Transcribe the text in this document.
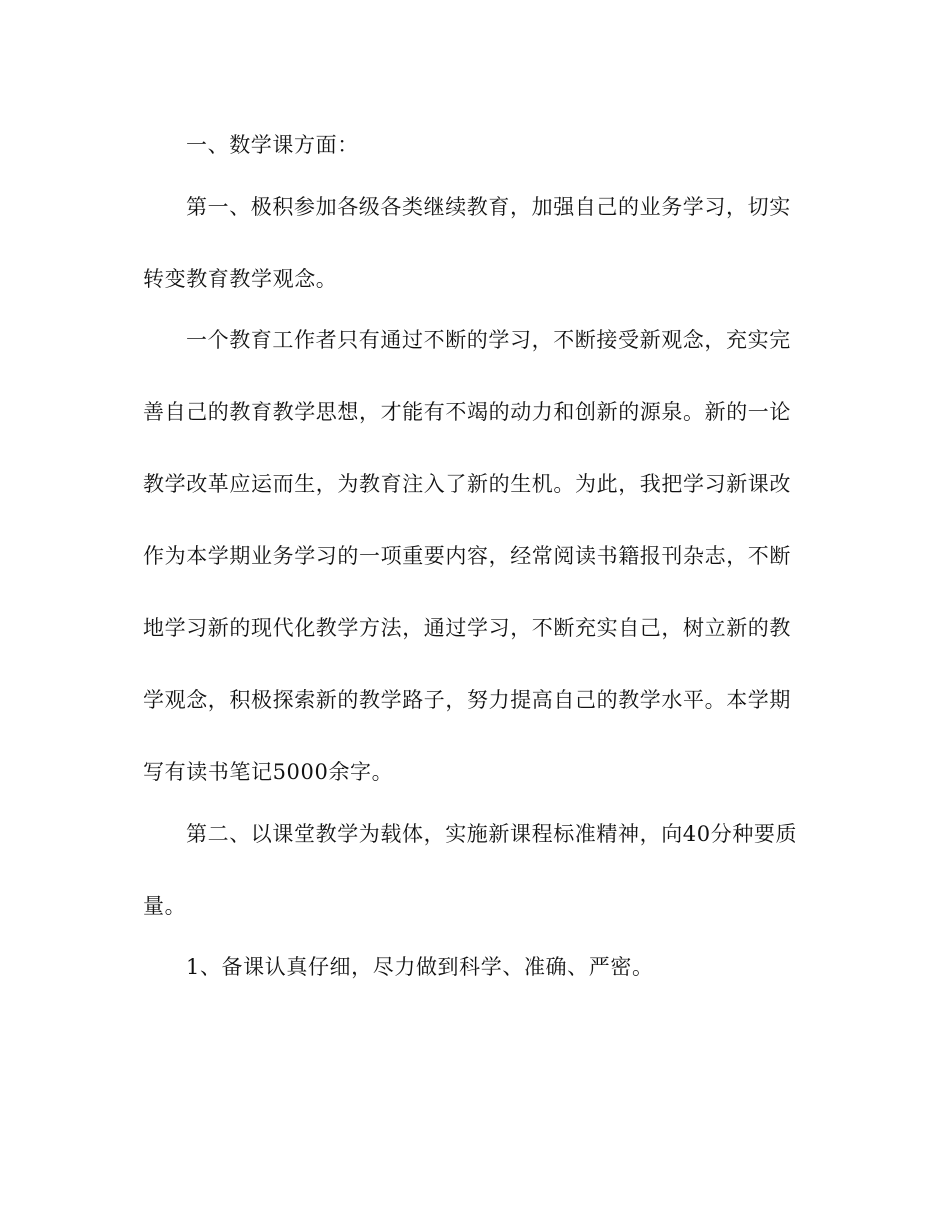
一、数学课方面：
第一、极积参加各级各类继续教育，加强自己的业务学习，切实
转变教育教学观念。
一个教育工作者只有通过不断的学习，不断接受新观念，充实完
善自己的教育教学思想，才能有不竭的动力和创新的源泉。新的一论
教学改革应运而生，为教育注入了新的生机。为此，我把学习新课改
作为本学期业务学习的一项重要内容，经常阅读书籍报刊杂志，不断
地学习新的现代化教学方法，通过学习，不断充实自己，树立新的教
学观念，积极探索新的教学路子，努力提高自己的教学水平。本学期
写有读书笔记5000余字。
第二、以课堂教学为载体，实施新课程标准精神，向40分种要质
量。
1、备课认真仔细，尽力做到科学、准确、严密。
